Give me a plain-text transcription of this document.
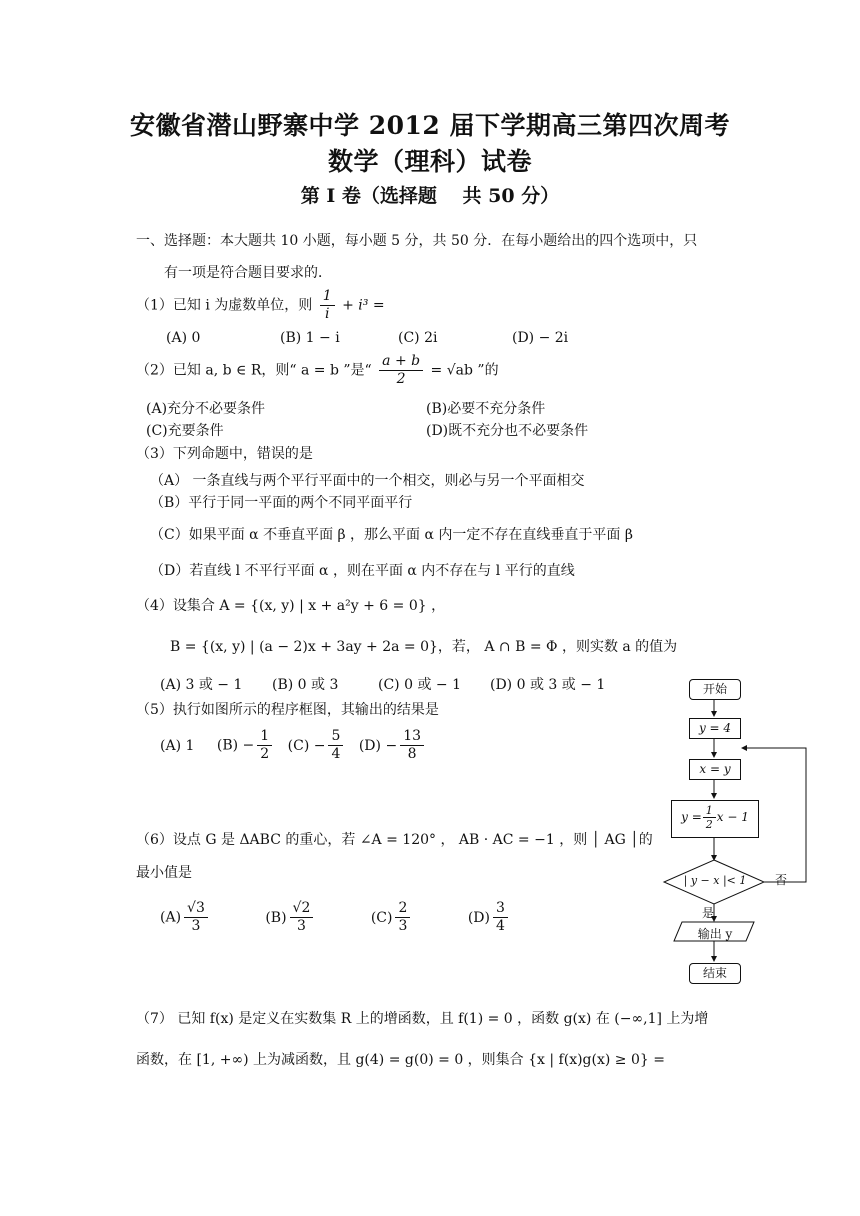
安徽省潜山野寨中学 2012 届下学期高三第四次周考
数学（理科）试卷
第 I 卷（选择题　 共 50 分）
一、选择题：本大题共 10 小题，每小题 5 分，共 50 分．在每小题给出的四个选项中，只
有一项是符合题目要求的．
（1）已知 i 为虚数单位，则 $\frac{1}{i} + i^3$ =
(A) 0	(B) 1 − i	(C) 2i	(D) − 2i
（2）已知 a, b ∈ R，则“ a = b ”是“ $\frac{a + b}{2} = √ab$ ”的
(A)充分不必要条件	(B)必要不充分条件
(C)充要条件	(D)既不充分也不必要条件
（3）下列命题中，错误的是
（A） 一条直线与两个平行平面中的一个相交，则必与另一个平面相交
（B）平行于同一平面的两个不同平面平行
（C）如果平面 α 不垂直平面 β ，那么平面 α 内一定不存在直线垂直于平面 β
（D）若直线 l 不平行平面 α ，则在平面 α 内不存在与 l 平行的直线
（4）设集合 A = {(x, y) | x + a²y + 6 = 0} ，
B = {(x, y) | (a − 2)x + 3ay + 2a = 0}，若， A ∩ B = Φ ，则实数 a 的值为
(A) 3 或 − 1 (B) 0 或 3	(C) 0 或 − 1 (D) 0 或 3 或 − 1
（5）执行如图所示的程序框图，其输出的结果是
(A) 1 $(B) - \frac{1}{2} (C) - \frac{5}{4} (D) - \frac{13}{8}$
（6）设点 G 是 ΔABC 的重心，若 ∠A = 120° ， AB · AC = −1 ，则 │ AG │的
最小值是
$(A) \frac{√3}{3}$	$(B) \frac{√2}{3}$	$(C) \frac{2}{3}$	$(D) \frac{3}{4}$
（7） 已知 f(x) 是定义在实数集 R 上的增函数，且 f(1) = 0 ，函数 g(x) 在 (−∞,1] 上为增
函数，在 [1, +∞) 上为减函数，且 g(4) = g(0) = 0 ，则集合 {x | f(x)g(x) ≥ 0} =
开始
y = 4
x = y
$y = \frac{1}{2}$ x − 1
| y − x |< 1	否
是
输出 y
结束
